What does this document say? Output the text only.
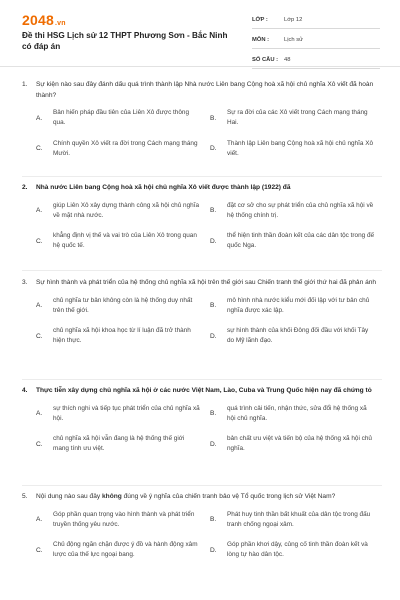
2048.vn
Đề thi HSG Lịch sử 12 THPT Phương Sơn - Bắc Ninh có đáp án
LỚP :	Lớp 12
MÔN :	Lịch sử
SỐ CÂU :	48

1. Sự kiện nào sau đây đánh dấu quá trình thành lập Nhà nước Liên bang Cộng hoà xã hội chủ nghĩa Xô viết đã hoàn thành?

A.
Bản hiến pháp đầu tiên của Liên Xô được thông qua.
B.
Sự ra đời của các Xô viết trong Cách mạng tháng Hai.
C.
Chính quyền Xô viết ra đời trong Cách mạng tháng Mười.
D.
Thành lập Liên bang Cộng hoà xã hội chủ nghĩa Xô viết.

2. Nhà nước Liên bang Cộng hoà xã hội chủ nghĩa Xô viết được thành lập (1922) đã

A.
giúp Liên Xô xây dựng thành công xã hội chủ nghĩa về mặt nhà nước.
B.
đặt cơ sở cho sự phát triển của chủ nghĩa xã hội về hệ thống chính trị.
C.
khẳng định vị thế và vai trò của Liên Xô trong quan hệ quốc tế.
D.
thể hiện tinh thần đoàn kết của các dân tộc trong đế quốc Nga.

3. Sự hình thành và phát triển của hệ thống chủ nghĩa xã hội trên thế giới sau Chiến tranh thế giới thứ hai đã phản ánh

A.
chủ nghĩa tư bản không còn là hệ thống duy nhất trên thế giới.
B.
mô hình nhà nước kiểu mới đối lập với tư bản chủ nghĩa được xác lập.
C.
chủ nghĩa xã hội khoa học từ lí luận đã trở thành hiện thực.
D.
sự hình thành của khối Đông đối đầu với khối Tây do Mỹ lãnh đạo.

4. Thực tiễn xây dựng chủ nghĩa xã hội ở các nước Việt Nam, Lào, Cuba và Trung Quốc hiện nay đã chứng tỏ

A.
sự thích nghi và tiếp tục phát triển của chủ nghĩa xã hội.
B.
quá trình cải tiến, nhận thức, sửa đổi hệ thống xã hội chủ nghĩa.
C.
chủ nghĩa xã hội vẫn đang là hệ thống thế giới mang tính ưu việt.
D.
bản chất ưu việt và tiến bộ của hệ thống xã hội chủ nghĩa.

5. Nội dung nào sau đây không đúng về ý nghĩa của chiến tranh bảo vệ Tổ quốc trong lịch sử Việt Nam?

A.
Góp phần quan trọng vào hình thành và phát triển truyền thống yêu nước.
B.
Phát huy tinh thần bất khuất của dân tộc trong đấu tranh chống ngoại xâm.
C.
Chủ động ngăn chặn được ý đồ và hành động xâm lược của thế lực ngoại bang.
D.
Góp phần khơi dậy, củng cố tinh thần đoàn kết và lòng tự hào dân tộc.
